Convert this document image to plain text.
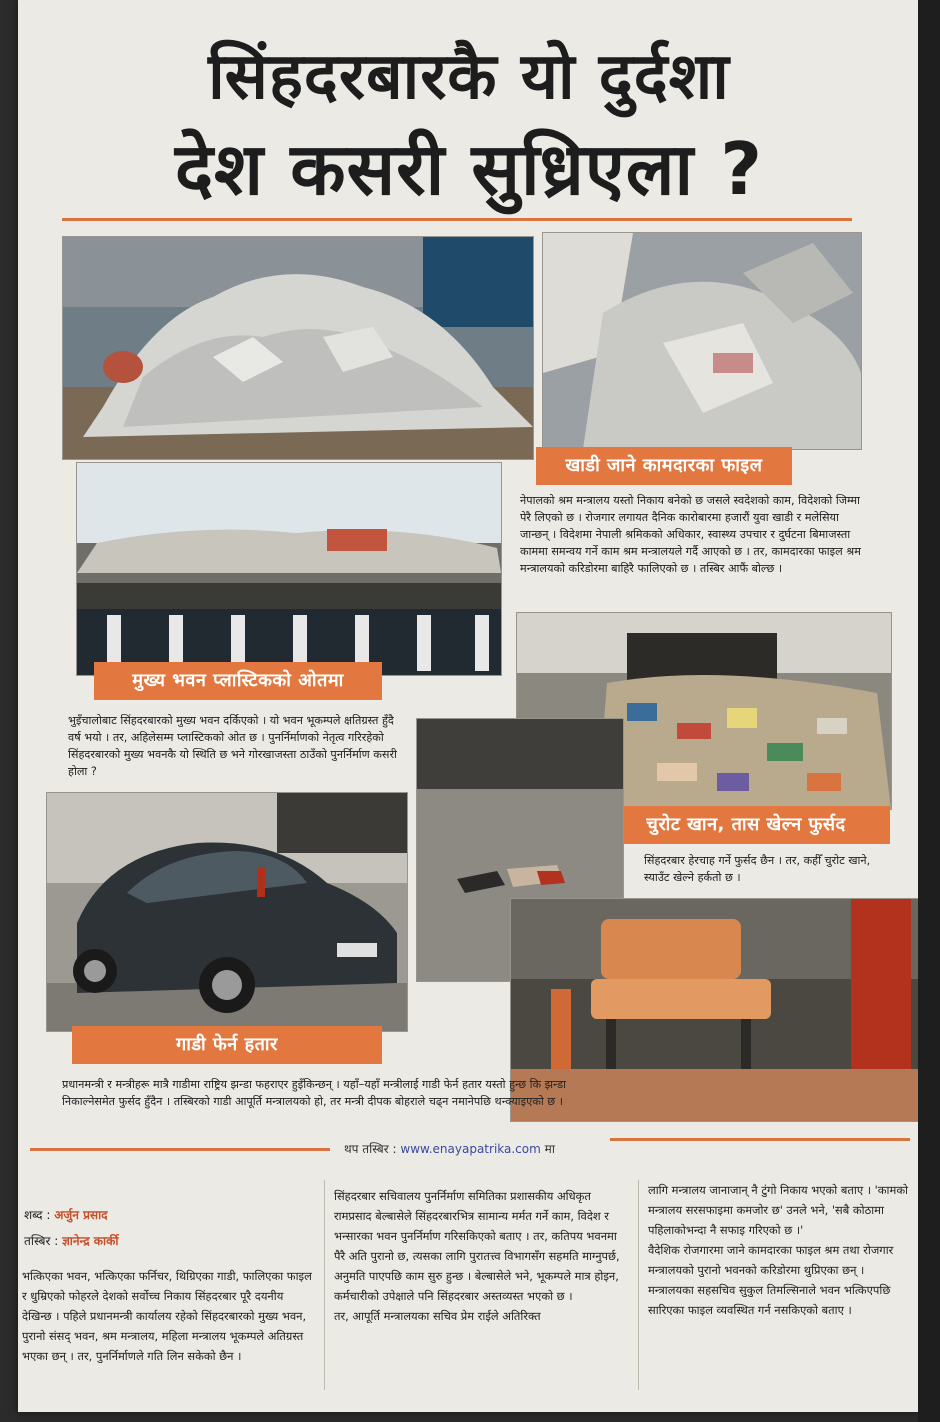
सिंहदरबारकै यो दुर्दशा
देश कसरी सुध्रिएला ?
खाडी जाने कामदारका फाइल
मुख्य भवन प्लास्टिकको ओतमा
नेपालको श्रम मन्त्रालय यस्तो निकाय बनेको छ जसले स्वदेशको काम, विदेशको जिम्मा पेरै लिएको छ । रोजगार लगायत दैनिक कारोबारमा हजारौं युवा खाडी र मलेसिया जान्छन् । विदेशमा नेपाली श्रमिकको अधिकार, स्वास्थ्य उपचार र दुर्घटना बिमाजस्ता काममा समन्वय गर्ने काम श्रम मन्त्रालयले गर्दै आएको छ । तर, कामदारका फाइल श्रम मन्त्रालयको करिडोरमा बाहिरै फालिएको छ । तस्बिर आफैं बोल्छ ।
भुइँचालोबाट सिंहदरबारको मुख्य भवन दर्किएको । यो भवन भूकम्पले क्षतिग्रस्त हुँदै वर्ष भयो । तर, अहिलेसम्म प्लास्टिकको ओत छ । पुनर्निर्माणको नेतृत्व गरिरहेको सिंहदरबारको मुख्य भवनकै यो स्थिति छ भने गोरखाजस्ता ठाउँको पुनर्निर्माण कसरी होला ?
चुरोट खान, तास खेल्न फुर्सद
सिंहदरबार हेरचाह गर्ने फुर्सद छैन । तर, कहीँ चुरोट खाने, स्याउँट खेल्ने हर्कतो छ ।
गाडी फेर्न हतार
प्रधानमन्त्री र मन्त्रीहरू मात्रै गाडीमा राष्ट्रिय झन्डा फहराएर हुइँकिन्छन् । यहाँ–यहाँ मन्त्रीलाई गाडी फेर्न हतार यस्तो हुन्छ कि झन्डा निकाल्नेसमेत फुर्सद हुँदैन । तस्बिरको गाडी आपूर्ति मन्त्रालयको हो, तर मन्त्री दीपक बोहराले चढ्न नमानेपछि थन्क्याइएको छ ।
थप तस्बिर : www.enayapatrika.com मा
शब्द : अर्जुन प्रसाद
तस्बिर : ज्ञानेन्द्र कार्की
भत्किएका भवन, भत्किएका फर्निचर, थिग्रिएका गाडी, फालिएका फाइल र धुम्रिएको फोहरले देशको सर्वोच्च निकाय सिंहदरबार पूरै दयनीय देखिन्छ । पहिले प्रधानमन्त्री कार्यालय रहेको सिंहदरबारको मुख्य भवन, पुरानो संसद् भवन, श्रम मन्त्रालय, महिला मन्त्रालय भूकम्पले अतिग्रस्त भएका छन् । तर, पुनर्निर्माणले गति लिन सकेको छैन ।
सिंहदरबार सचिवालय पुनर्निर्माण समितिका प्रशासकीय अधिकृत रामप्रसाद बेल्बासेले सिंहदरबारभित्र सामान्य मर्मत गर्ने काम, विदेश र भन्सारका भवन पुनर्निर्माण गरिसकिएको बताए । तर, कतिपय भवनमा पैरै अति पुरानो छ, त्यसका लागि पुरातत्त्व विभागसँग सहमति माग्नुपर्छ, अनुमति पाएपछि काम सुरु हुन्छ । बेल्बासेले भने, भूकम्पले मात्र होइन, कर्मचारीको उपेक्षाले पनि सिंहदरबार अस्तव्यस्त भएको छ ।
तर, आपूर्ति मन्त्रालयका सचिव प्रेम राईले अतिरिक्त
लागि मन्त्रालय जानाजान् नै टुंगो निकाय भएको बताए । 'कामको मन्त्रालय सरसफाइमा कमजोर छ' उनले भने, 'सबै कोठामा पहिलाकोभन्दा नै सफाइ गरिएको छ ।'
वैदेशिक रोजगारमा जाने कामदारका फाइल श्रम तथा रोजगार मन्त्रालयको पुरानो भवनको करिडोरमा थुप्रिएका छन् । मन्त्रालयका सहसचिव सुकुल तिमल्सिनाले भवन भत्किएपछि सारिएका फाइल व्यवस्थित गर्न नसकिएको बताए ।
